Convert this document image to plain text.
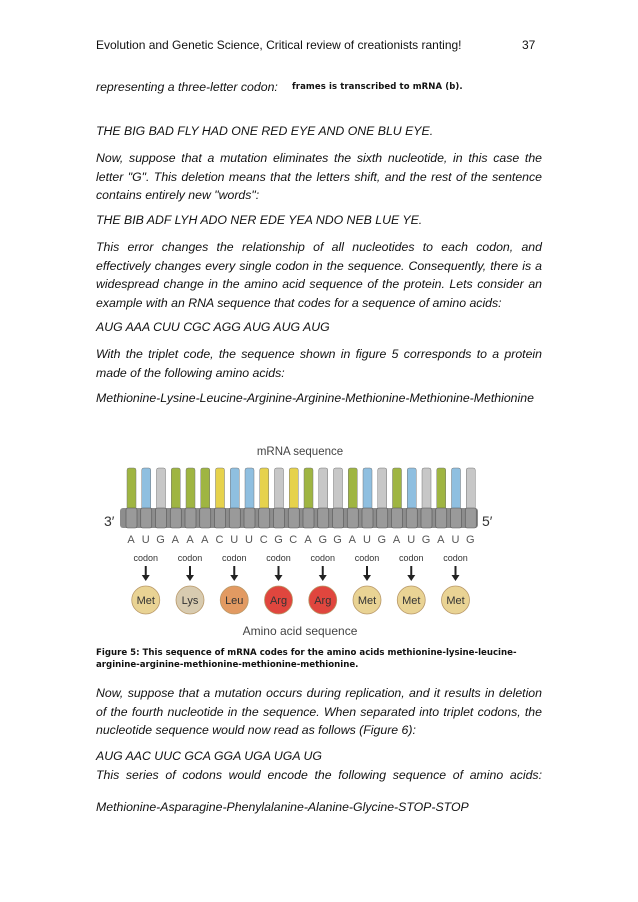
Evolution and Genetic Science, Critical review of creationists ranting!	37
representing a three-letter codon: frames is transcribed to mRNA (b).
THE BIG BAD FLY HAD ONE RED EYE AND ONE BLU EYE.
Now, suppose that a mutation eliminates the sixth nucleotide, in this case the letter "G". This deletion means that the letters shift, and the rest of the sentence contains entirely new "words":
THE BIB ADF LYH ADO NER EDE YEA NDO NEB LUE YE.
This error changes the relationship of all nucleotides to each codon, and effectively changes every single codon in the sequence. Consequently, there is a widespread change in the amino acid sequence of the protein. Lets consider an example with an RNA sequence that codes for a sequence of amino acids:
AUG AAA CUU CGC AGG AUG AUG AUG
With the triplet code, the sequence shown in figure 5 corresponds to a protein made of the following amino acids:
Methionine-Lysine-Leucine-Arginine-Arginine-Methionine-Methionine-Methionine
mRNA sequence
3′	5′
A U G A A A C U U C G C A G G A U G A U G A U G
codon codon codon codon codon codon codon codon
Met Lys Leu Arg Arg Met Met Met
Amino acid sequence
Figure 5: This sequence of mRNA codes for the amino acids methionine-lysine-leucine-arginine-arginine-methionine-methionine-methionine.
Now, suppose that a mutation occurs during replication, and it results in deletion of the fourth nucleotide in the sequence. When separated into triplet codons, the nucleotide sequence would now read as follows (Figure 6):
AUG AAC UUC GCA GGA UGA UGA UG
This series of codons would encode the following sequence of amino acids:
Methionine-Asparagine-Phenylalanine-Alanine-Glycine-STOP-STOP
